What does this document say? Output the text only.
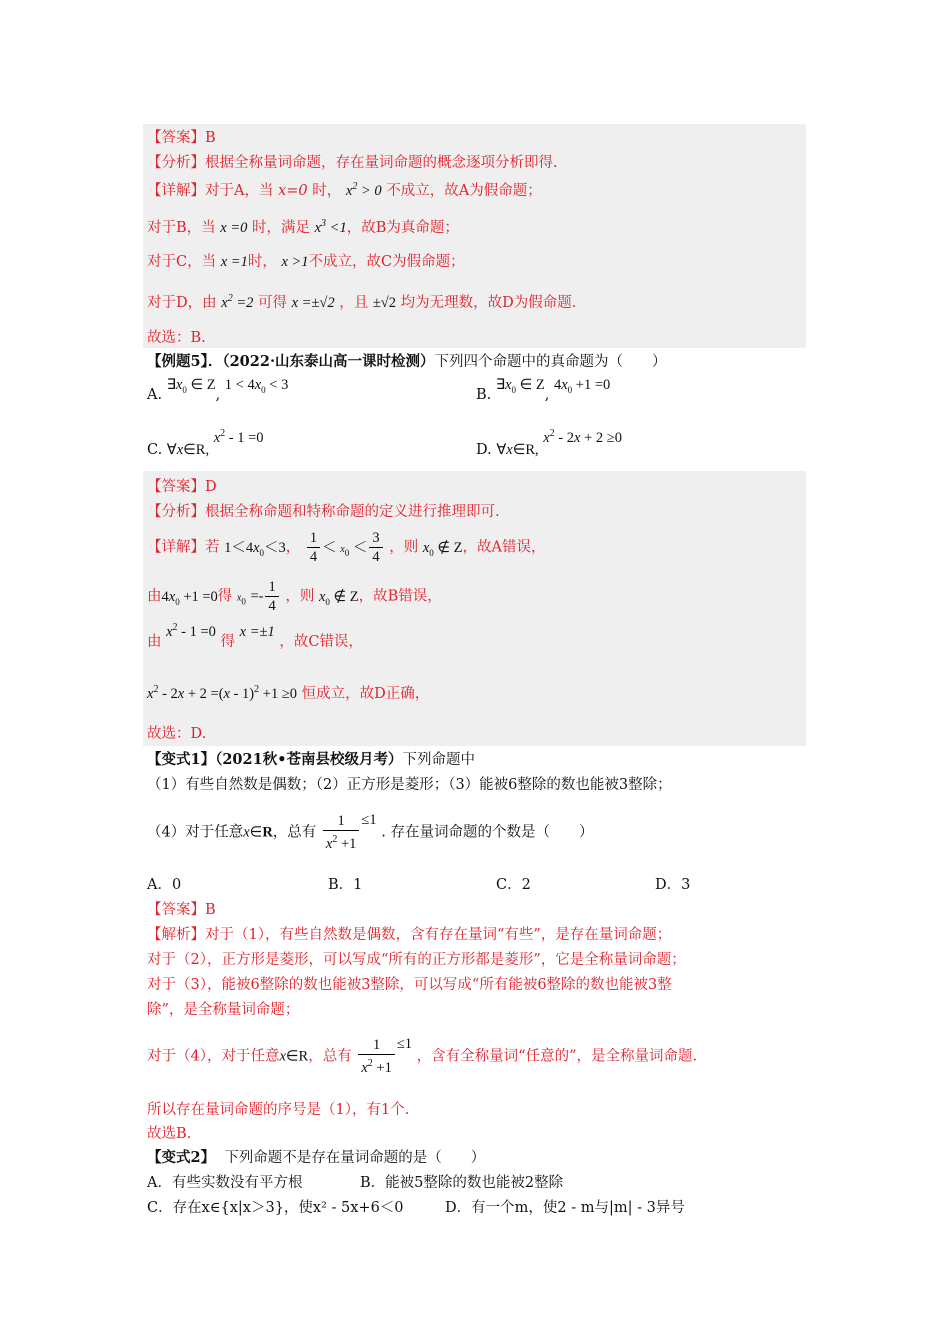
【答案】B
【分析】根据全称量词命题，存在量词命题的概念逐项分析即得.
【详解】对于A，当 x=0 时， $x^2 > 0$ 不成立，故A为假命题；
对于B，当 x =0 时，满足 $x^3 <1$，故B为真命题；
对于C，当 x =1时， x >1不成立，故C为假命题；
对于D，由 $x^2 =2$ 可得 x =±√2 ，且 ±√2 均为无理数，故D为假命题.
故选：B.
【例题5】．（2022·山东泰山高一课时检测）下列四个命题中的真命题为（　　）
A. $\exists x_0$ ∈ Z, $1 < 4x_0 < 3$
B. $\exists x_0$ ∈ Z, $4x_0 +1 =0$
C. ∀x∈R, $x^2 - 1 =0$
D. ∀x∈R, $x^2 - 2x + 2 \ge 0$
【答案】D
【分析】根据全称命题和特称命题的定义进行推理即可.
【详解】若 $1<4x_0<3$， $\frac{1}{4} < x_0 < \frac{3}{4}$ ，则 $x_0$ ∉ Z，故A错误，
由$4x_0 +1 =0$得 $x_0 =- \frac{1}{4}$ ，则 $x_0$ ∉ Z，故B错误，
由 $x^2 - 1 =0$ 得 x =±1 ，故C错误，
$x^2 - 2x + 2 =(x - 1)^2 +1 \ge 0$ 恒成立，故D正确，
故选：D.
【变式1】（2021秋•苍南县校级月考）下列命题中
（1）有些自然数是偶数；（2）正方形是菱形；（3）能被6整除的数也能被3整除；
（4）对于任意x∈R，总有 $\frac{1}{x^2 +1} \le 1$ . 存在量词命题的个数是（　　）
A．0	B．1	C．2	D．3
【答案】B
【解析】对于（1），有些自然数是偶数，含有存在量词“有些”，是存在量词命题；
对于（2），正方形是菱形，可以写成“所有的正方形都是菱形”，它是全称量词命题；
对于（3），能被6整除的数也能被3整除，可以写成“所有能被6整除的数也能被3整
除”，是全称量词命题；
对于（4），对于任意x∈R，总有 $\frac{1}{x^2 +1} \le 1$ ，含有全称量词“任意的”，是全称量词命题.
所以存在量词命题的序号是（1），有1个.
故选B.
【变式2】 下列命题不是存在量词命题的是（　　）
A．有些实数没有平方根	B．能被5整除的数也能被2整除
C．存在x∈{x|x＞3}，使x² - 5x+6＜0	D．有一个m，使2 - m与|m| - 3异号
